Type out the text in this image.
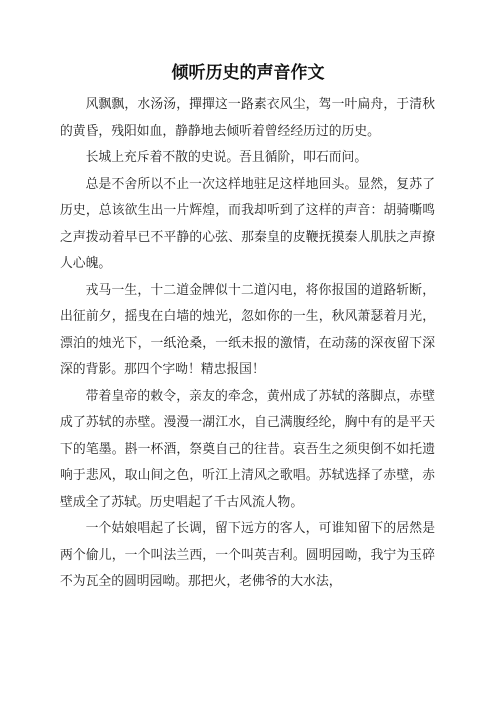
倾听历史的声音作文

风飘飘，水汤汤，撣撣这一路素衣风尘，驾一叶扁舟，于清秋的黄昏，残阳如血，静静地去倾听着曾经经历过的历史。

长城上充斥着不散的史说。吾且循阶，叩石而问。

总是不舍所以不止一次这样地驻足这样地回头。显然，复苏了历史，总该欲生出一片辉煌，而我却听到了这样的声音：胡骑嘶鸣之声拨动着早已不平静的心弦、那秦皇的皮鞭抚摸秦人肌肤之声撩人心魄。

戎马一生，十二道金牌似十二道闪电，将你报国的道路斩断，出征前夕，摇曳在白墙的烛光，忽如你的一生，秋风萧瑟着月光，漂泊的烛光下，一纸沧桑，一纸未报的激情，在动荡的深夜留下深深的背影。那四个字呦！精忠报国！

带着皇帝的敕令，亲友的牵念，黄州成了苏轼的落脚点，赤壁成了苏轼的赤壁。漫漫一湖江水，自己满腹经纶，胸中有的是平天下的笔墨。斟一杯酒，祭奠自己的往昔。哀吾生之须臾倒不如托遗响于悲风，取山间之色，听江上清风之歌唱。苏轼选择了赤壁，赤壁成全了苏轼。历史唱起了千古风流人物。

一个姑娘唱起了长调，留下远方的客人，可谁知留下的居然是两个偷儿，一个叫法兰西，一个叫英吉利。圆明园呦，我宁为玉碎不为瓦全的圆明园呦。那把火，老佛爷的大水法，
